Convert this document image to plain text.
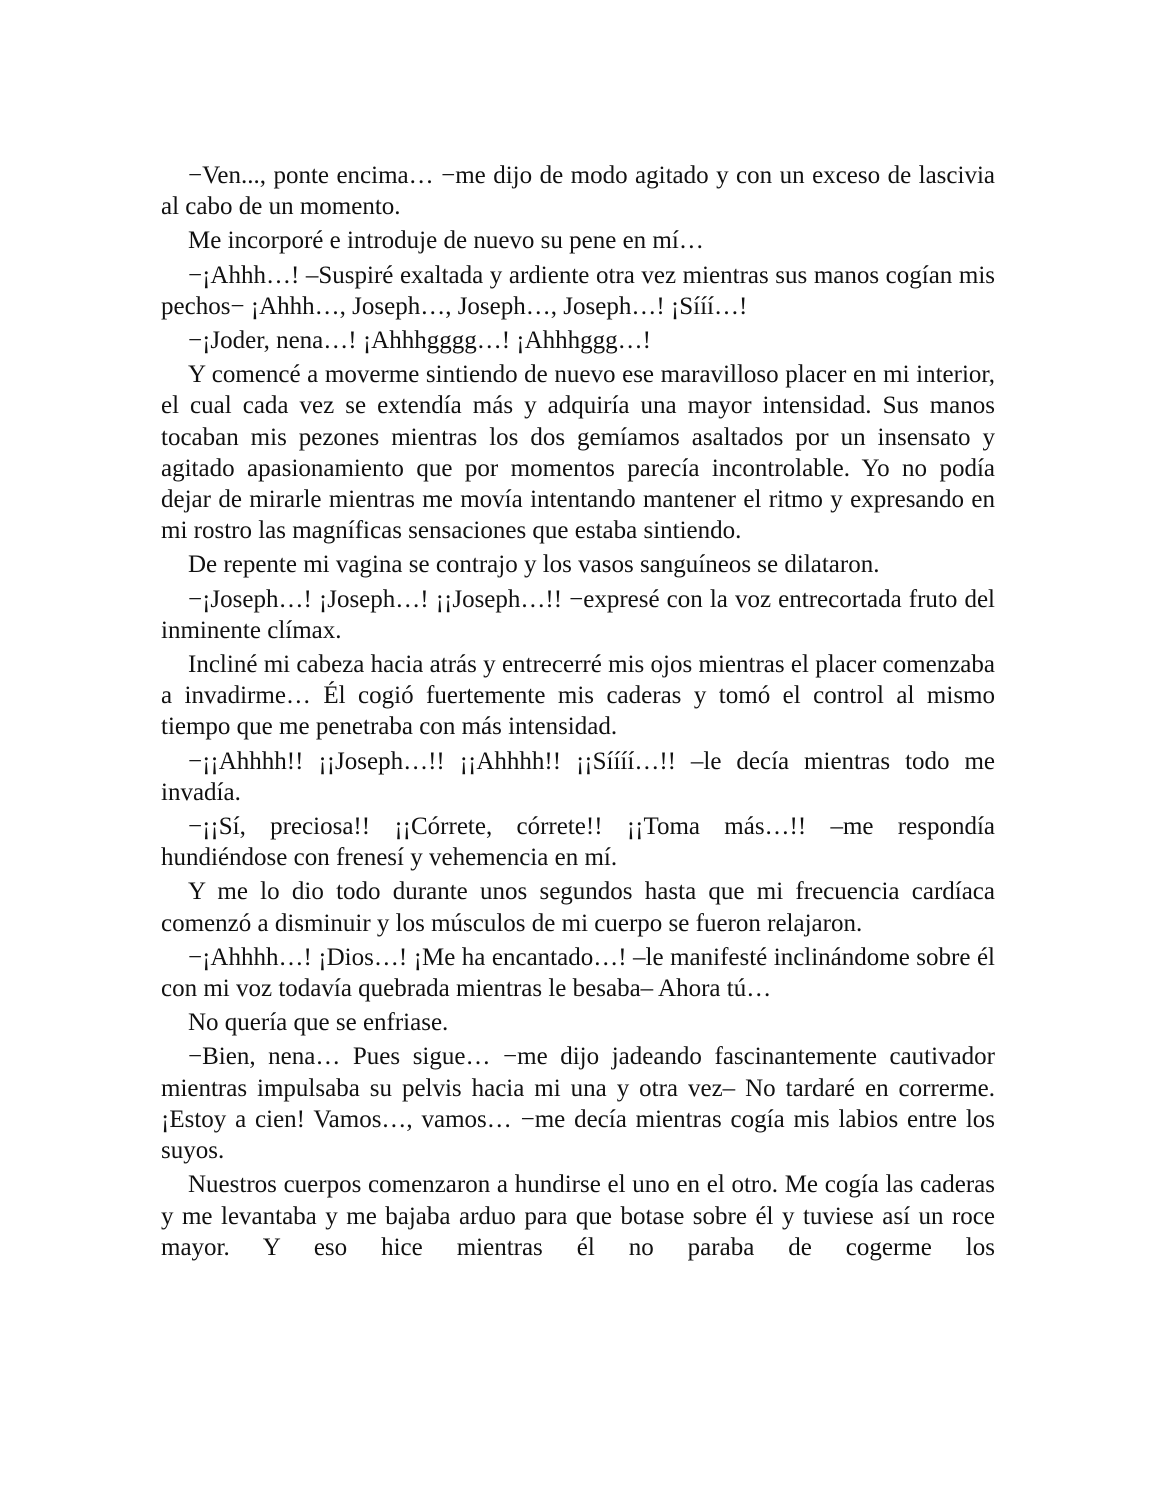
−Ven..., ponte encima… −me dijo de modo agitado y con un exceso de lascivia al cabo de un momento.

Me incorporé e introduje de nuevo su pene en mí…

−¡Ahhh…! –Suspiré exaltada y ardiente otra vez mientras sus manos cogían mis pechos− ¡Ahhh…, Joseph…, Joseph…, Joseph…! ¡Sííí…!

−¡Joder, nena…! ¡Ahhhgggg…! ¡Ahhhggg…!

Y comencé a moverme sintiendo de nuevo ese maravilloso placer en mi interior, el cual cada vez se extendía más y adquiría una mayor intensidad. Sus manos tocaban mis pezones mientras los dos gemíamos asaltados por un insensato y agitado apasionamiento que por momentos parecía incontrolable. Yo no podía dejar de mirarle mientras me movía intentando mantener el ritmo y expresando en mi rostro las magníficas sensaciones que estaba sintiendo.

De repente mi vagina se contrajo y los vasos sanguíneos se dilataron.

−¡Joseph…! ¡Joseph…! ¡¡Joseph…!! −expresé con la voz entrecortada fruto del inminente clímax.

Incliné mi cabeza hacia atrás y entrecerré mis ojos mientras el placer comenzaba a invadirme… Él cogió fuertemente mis caderas y tomó el control al mismo tiempo que me penetraba con más intensidad.

−¡¡Ahhhh!! ¡¡Joseph…!! ¡¡Ahhhh!! ¡¡Síííí…!! –le decía mientras todo me invadía.

−¡¡Sí, preciosa!! ¡¡Córrete, córrete!! ¡¡Toma más…!! –me respondía hundiéndose con frenesí y vehemencia en mí.

Y me lo dio todo durante unos segundos hasta que mi frecuencia cardíaca comenzó a disminuir y los músculos de mi cuerpo se fueron relajaron.

−¡Ahhhh…! ¡Dios…! ¡Me ha encantado…! –le manifesté inclinándome sobre él con mi voz todavía quebrada mientras le besaba– Ahora tú…

No quería que se enfriase.

−Bien, nena… Pues sigue… −me dijo jadeando fascinantemente cautivador mientras impulsaba su pelvis hacia mi una y otra vez– No tardaré en correrme. ¡Estoy a cien! Vamos…, vamos… −me decía mientras cogía mis labios entre los suyos.

Nuestros cuerpos comenzaron a hundirse el uno en el otro. Me cogía las caderas y me levantaba y me bajaba arduo para que botase sobre él y tuviese así un roce mayor. Y eso hice mientras él no paraba de cogerme los
